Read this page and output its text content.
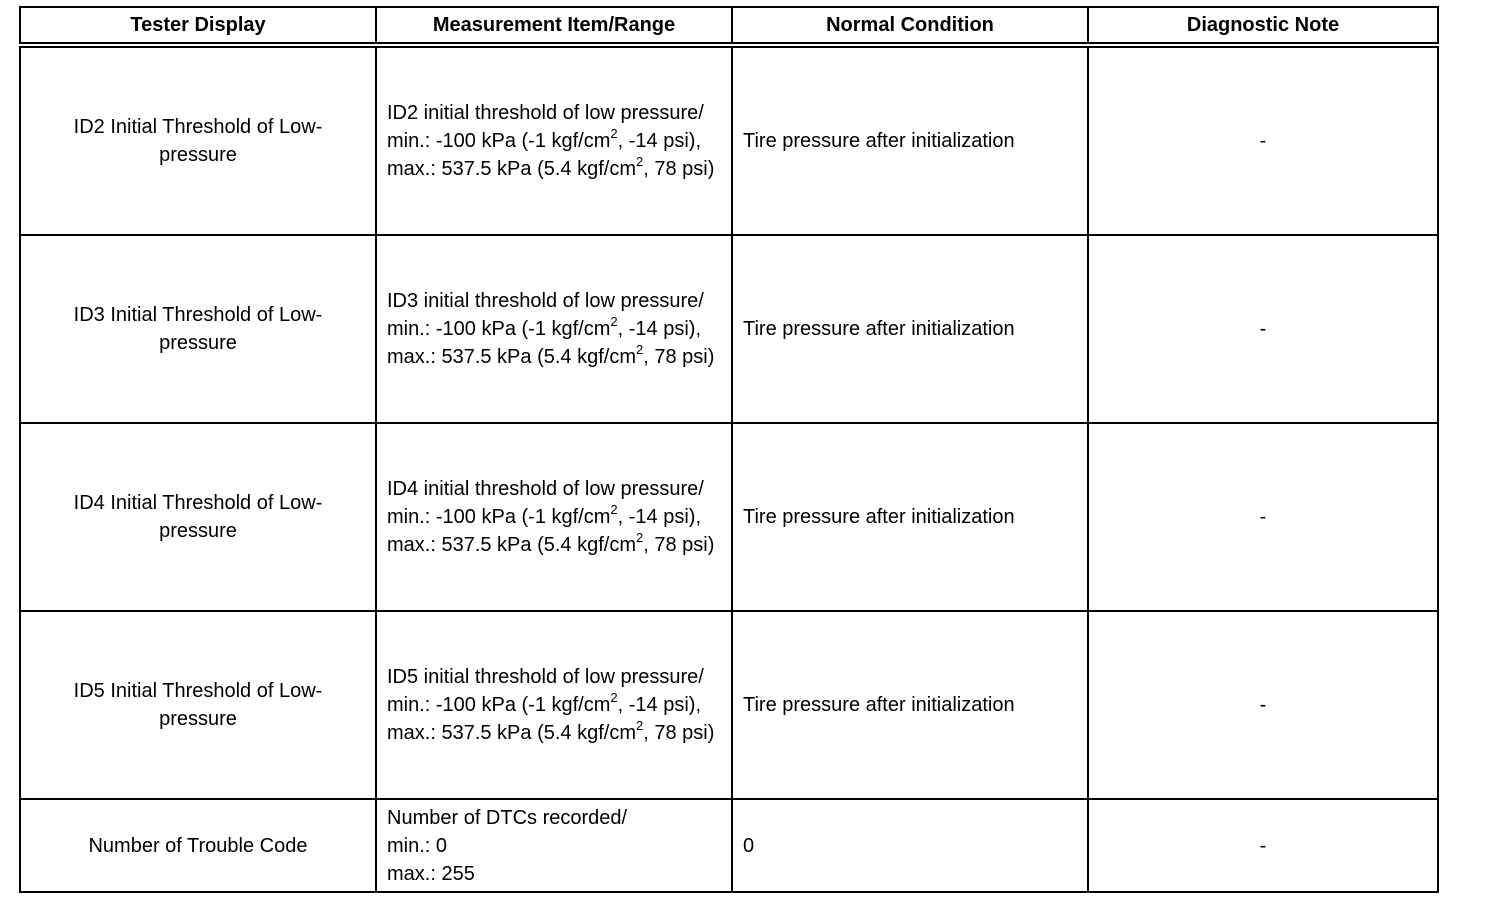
Tester Display	Measurement Item/Range	Normal Condition	Diagnostic Note
ID2 Initial Threshold of Low-pressure	ID2 initial threshold of low pressure/
min.: -100 kPa (-1 kgf/$cm^2$, -14 psi),
max.: 537.5 kPa (5.4 kgf/$cm^2$, 78 psi)	Tire pressure after initialization	-
ID3 Initial Threshold of Low-pressure	ID3 initial threshold of low pressure/
min.: -100 kPa (-1 kgf/$cm^2$, -14 psi),
max.: 537.5 kPa (5.4 kgf/$cm^2$, 78 psi)	Tire pressure after initialization	-
ID4 Initial Threshold of Low-pressure	ID4 initial threshold of low pressure/
min.: -100 kPa (-1 kgf/$cm^2$, -14 psi),
max.: 537.5 kPa (5.4 kgf/$cm^2$, 78 psi)	Tire pressure after initialization	-
ID5 Initial Threshold of Low-pressure	ID5 initial threshold of low pressure/
min.: -100 kPa (-1 kgf/$cm^2$, -14 psi),
max.: 537.5 kPa (5.4 kgf/$cm^2$, 78 psi)	Tire pressure after initialization	-
Number of Trouble Code	Number of DTCs recorded/
min.: 0
max.: 255	0	-
